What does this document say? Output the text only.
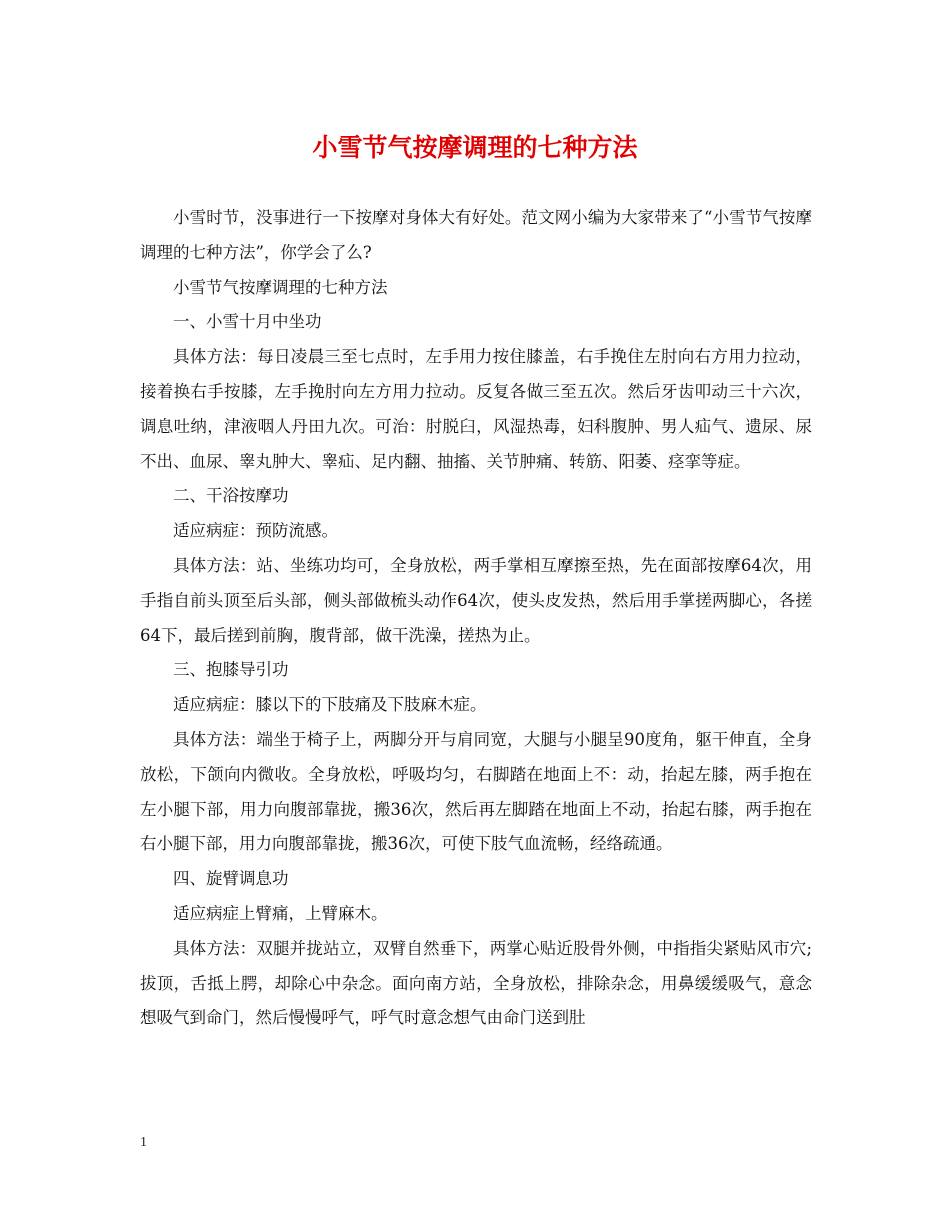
小雪节气按摩调理的七种方法

小雪时节，没事进行一下按摩对身体大有好处。范文网小编为大家带来了“小雪节气按摩调理的七种方法”，你学会了么?

小雪节气按摩调理的七种方法

一、小雪十月中坐功

具体方法：每日凌晨三至七点时，左手用力按住膝盖，右手挽住左肘向右方用力拉动，接着换右手按膝，左手挽肘向左方用力拉动。反复各做三至五次。然后牙齿叩动三十六次，调息吐纳，津液咽人丹田九次。可治：肘脱臼，风湿热毒，妇科腹肿、男人疝气、遗尿、尿不出、血尿、睾丸肿大、睾疝、足内翻、抽搐、关节肿痛、转筋、阳萎、痉挛等症。

二、干浴按摩功

适应病症：预防流感。

具体方法：站、坐练功均可，全身放松，两手掌相互摩擦至热，先在面部按摩64次，用手指自前头顶至后头部，侧头部做梳头动作64次，使头皮发热，然后用手掌搓两脚心，各搓64下，最后搓到前胸，腹背部，做干洗澡，搓热为止。

三、抱膝导引功

适应病症：膝以下的下肢痛及下肢麻木症。

具体方法：端坐于椅子上，两脚分开与肩同宽，大腿与小腿呈90度角，躯干伸直，全身放松，下颌向内微收。全身放松，呼吸均匀，右脚踏在地面上不：动，抬起左膝，两手抱在左小腿下部，用力向腹部靠拢，搬36次，然后再左脚踏在地面上不动，抬起右膝，两手抱在右小腿下部，用力向腹部靠拢，搬36次，可使下肢气血流畅，经络疏通。

四、旋臂调息功

适应病症上臂痛，上臂麻木。

具体方法：双腿并拢站立，双臂自然垂下，两掌心贴近股骨外侧，中指指尖紧贴风市穴;拔顶，舌抵上腭，却除心中杂念。面向南方站，全身放松，排除杂念，用鼻缓缓吸气，意念想吸气到命门，然后慢慢呼气，呼气时意念想气由命门送到肚

1
